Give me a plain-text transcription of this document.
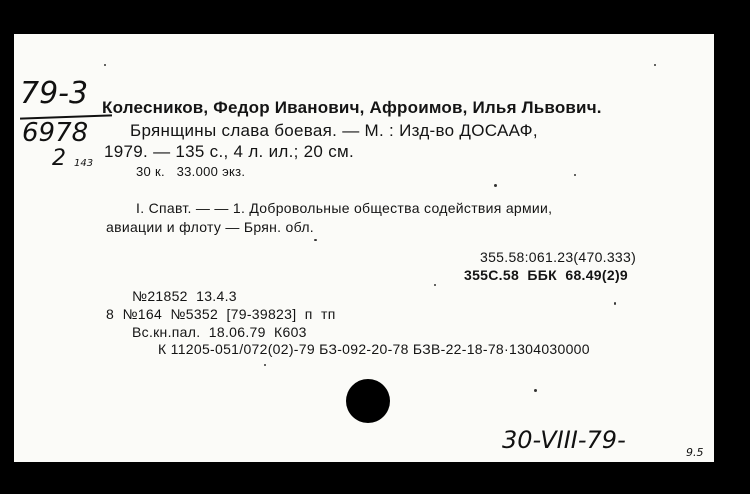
79-3
6978
2 143
Колесников, Федор Иванович, Афроимов, Илья Львович.
Брянщины слава боевая. — М. : Изд-во ДОСААФ,
1979. — 135 с., 4 л. ил.; 20 см.
30 к.   33.000 экз.
I. Спавт. — — 1. Добровольные общества содействия армии,
авиации и флоту — Брян. обл.
355.58:061.23(470.333)
355С.58  ББК  68.49(2)9
№21852  13.4.3
8  №164  №5352  [79-39823]  п  тп
Вс.кн.пал.  18.06.79  К603
К 11205-051/072(02)-79 БЗ-092-20-78 БЗВ-22-18-78·1304030000
30-VIII-79-	9.5
